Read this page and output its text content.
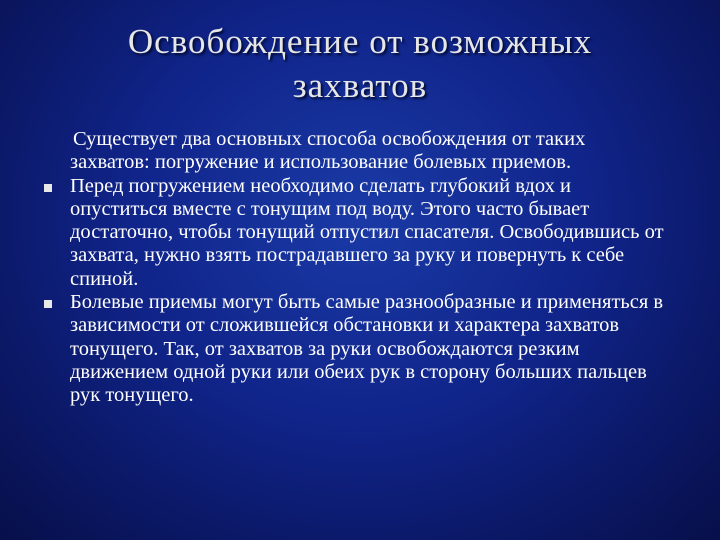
Освобождение от возможных
захватов

Существует два основных способа освобождения от таких захватов: погружение и использование болевых приемов.

Перед погружением необходимо сделать глубокий вдох и опуститься вместе с тонущим под воду. Этого часто бывает достаточно, чтобы тонущий отпустил спасателя. Освободившись от захвата, нужно взять пострадавшего за руку и повернуть к себе спиной.

Болевые приемы могут быть самые разнообразные и применяться в зависимости от сложившейся обстановки и характера захватов тонущего. Так, от захватов за руки освобождаются резким движением одной руки или обеих рук в сторону больших пальцев рук тонущего.
